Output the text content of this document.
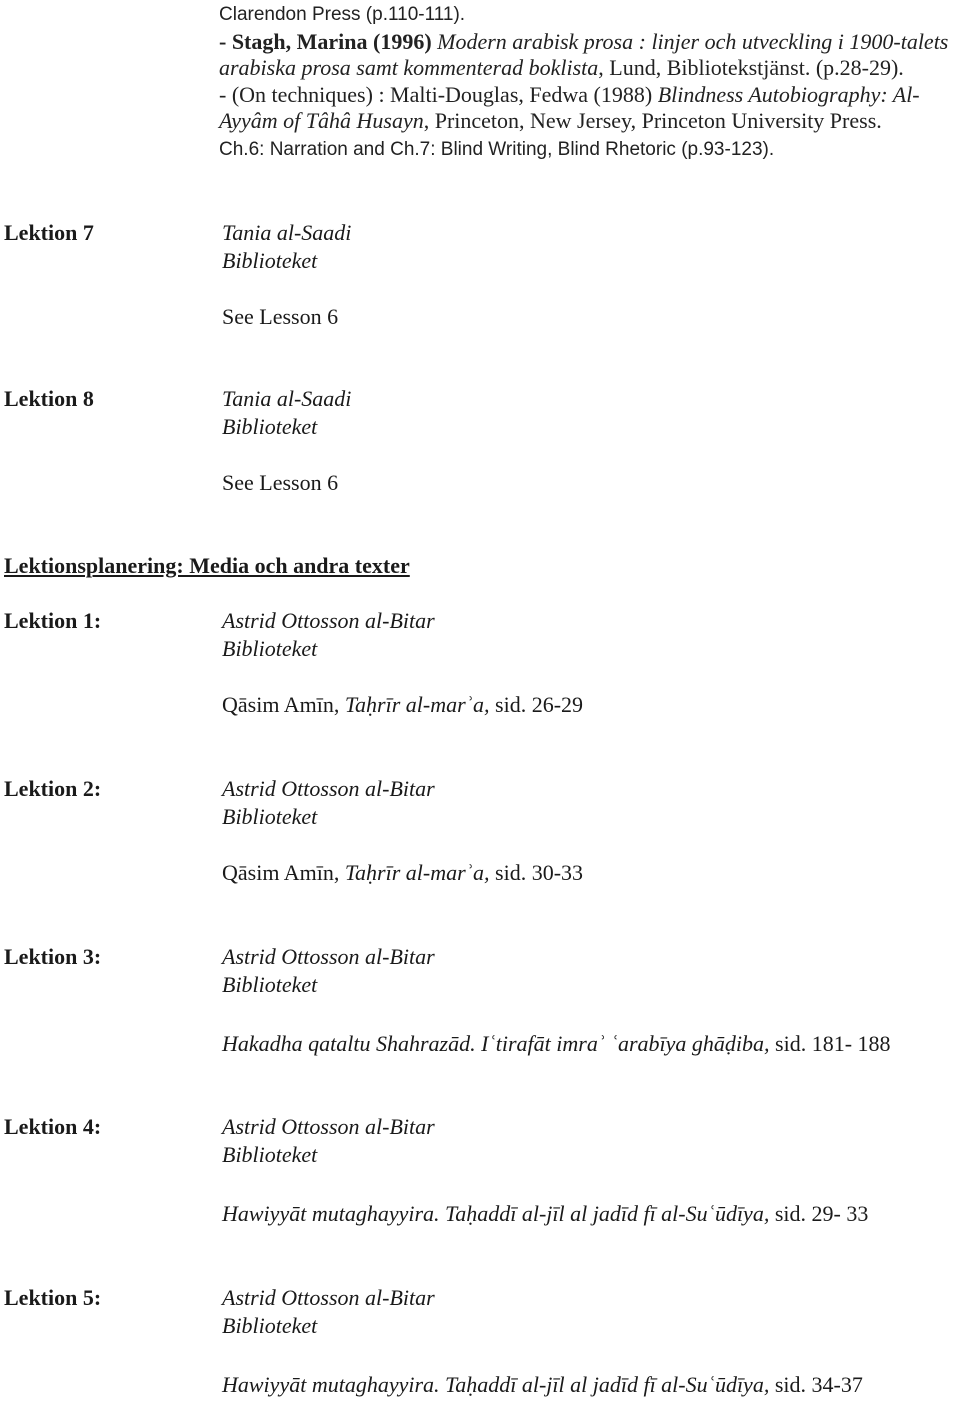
Clarendon Press (p.110-111).
- Stagh, Marina (1996) Modern arabisk prosa : linjer och utveckling i 1900-talets
arabiska prosa samt kommenterad boklista, Lund, Bibliotekstjänst. (p.28-29).
- (On techniques) : Malti-Douglas, Fedwa (1988) Blindness Autobiography: Al-
Ayyâm of Tâhâ Husayn, Princeton, New Jersey, Princeton University Press.
Ch.6: Narration and Ch.7: Blind Writing, Blind Rhetoric (p.93-123).
Lektion 7	Tania al-Saadi
Biblioteket
See Lesson 6
Lektion 8	Tania al-Saadi
Biblioteket
See Lesson 6
Lektionsplanering: Media och andra texter
Lektion 1:	Astrid Ottosson al-Bitar
Biblioteket
Qāsim Amīn, Taḥrīr al-marʾa, sid. 26-29
Lektion 2:	Astrid Ottosson al-Bitar
Biblioteket
Qāsim Amīn, Taḥrīr al-marʾa, sid. 30-33
Lektion 3:	Astrid Ottosson al-Bitar
Biblioteket
Hakadha qataltu Shahrazād. Iʿtirafāt imraʾ ʿarabīya ghāḍiba, sid. 181- 188
Lektion 4:	Astrid Ottosson al-Bitar
Biblioteket
Hawiyyāt mutaghayyira. Taḥaddī al-jīl al jadīd fī al-Suʿūdīya, sid. 29- 33
Lektion 5:	Astrid Ottosson al-Bitar
Biblioteket
Hawiyyāt mutaghayyira. Taḥaddī al-jīl al jadīd fī al-Suʿūdīya, sid. 34-37
